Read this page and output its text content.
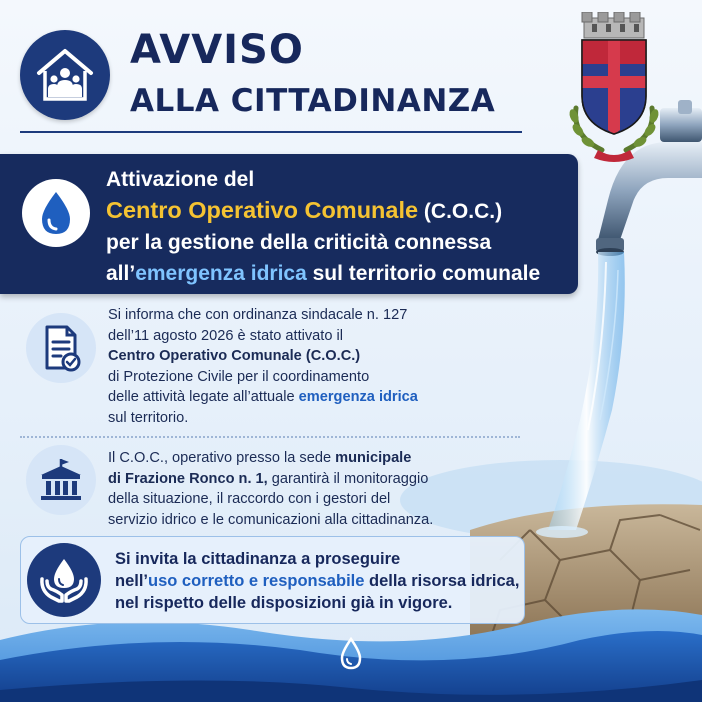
AVVISO
ALLA CITTADINANZA
Attivazione del
Centro Operativo Comunale (C.O.C.)
per la gestione della criticità connessa
all’emergenza idrica sul territorio comunale
Si informa che con ordinanza sindacale n. 127
dell’11 agosto 2026 è stato attivato il
Centro Operativo Comunale (C.O.C.)
di Protezione Civile per il coordinamento
delle attività legate all’attuale emergenza idrica
sul territorio.
Il C.O.C., operativo presso la sede municipale
di Frazione Ronco n. 1, garantirà il monitoraggio
della situazione, il raccordo con i gestori del
servizio idrico e le comunicazioni alla cittadinanza.
Si invita la cittadinanza a proseguire
nell’uso corretto e responsabile della risorsa idrica,
nel rispetto delle disposizioni già in vigore.
